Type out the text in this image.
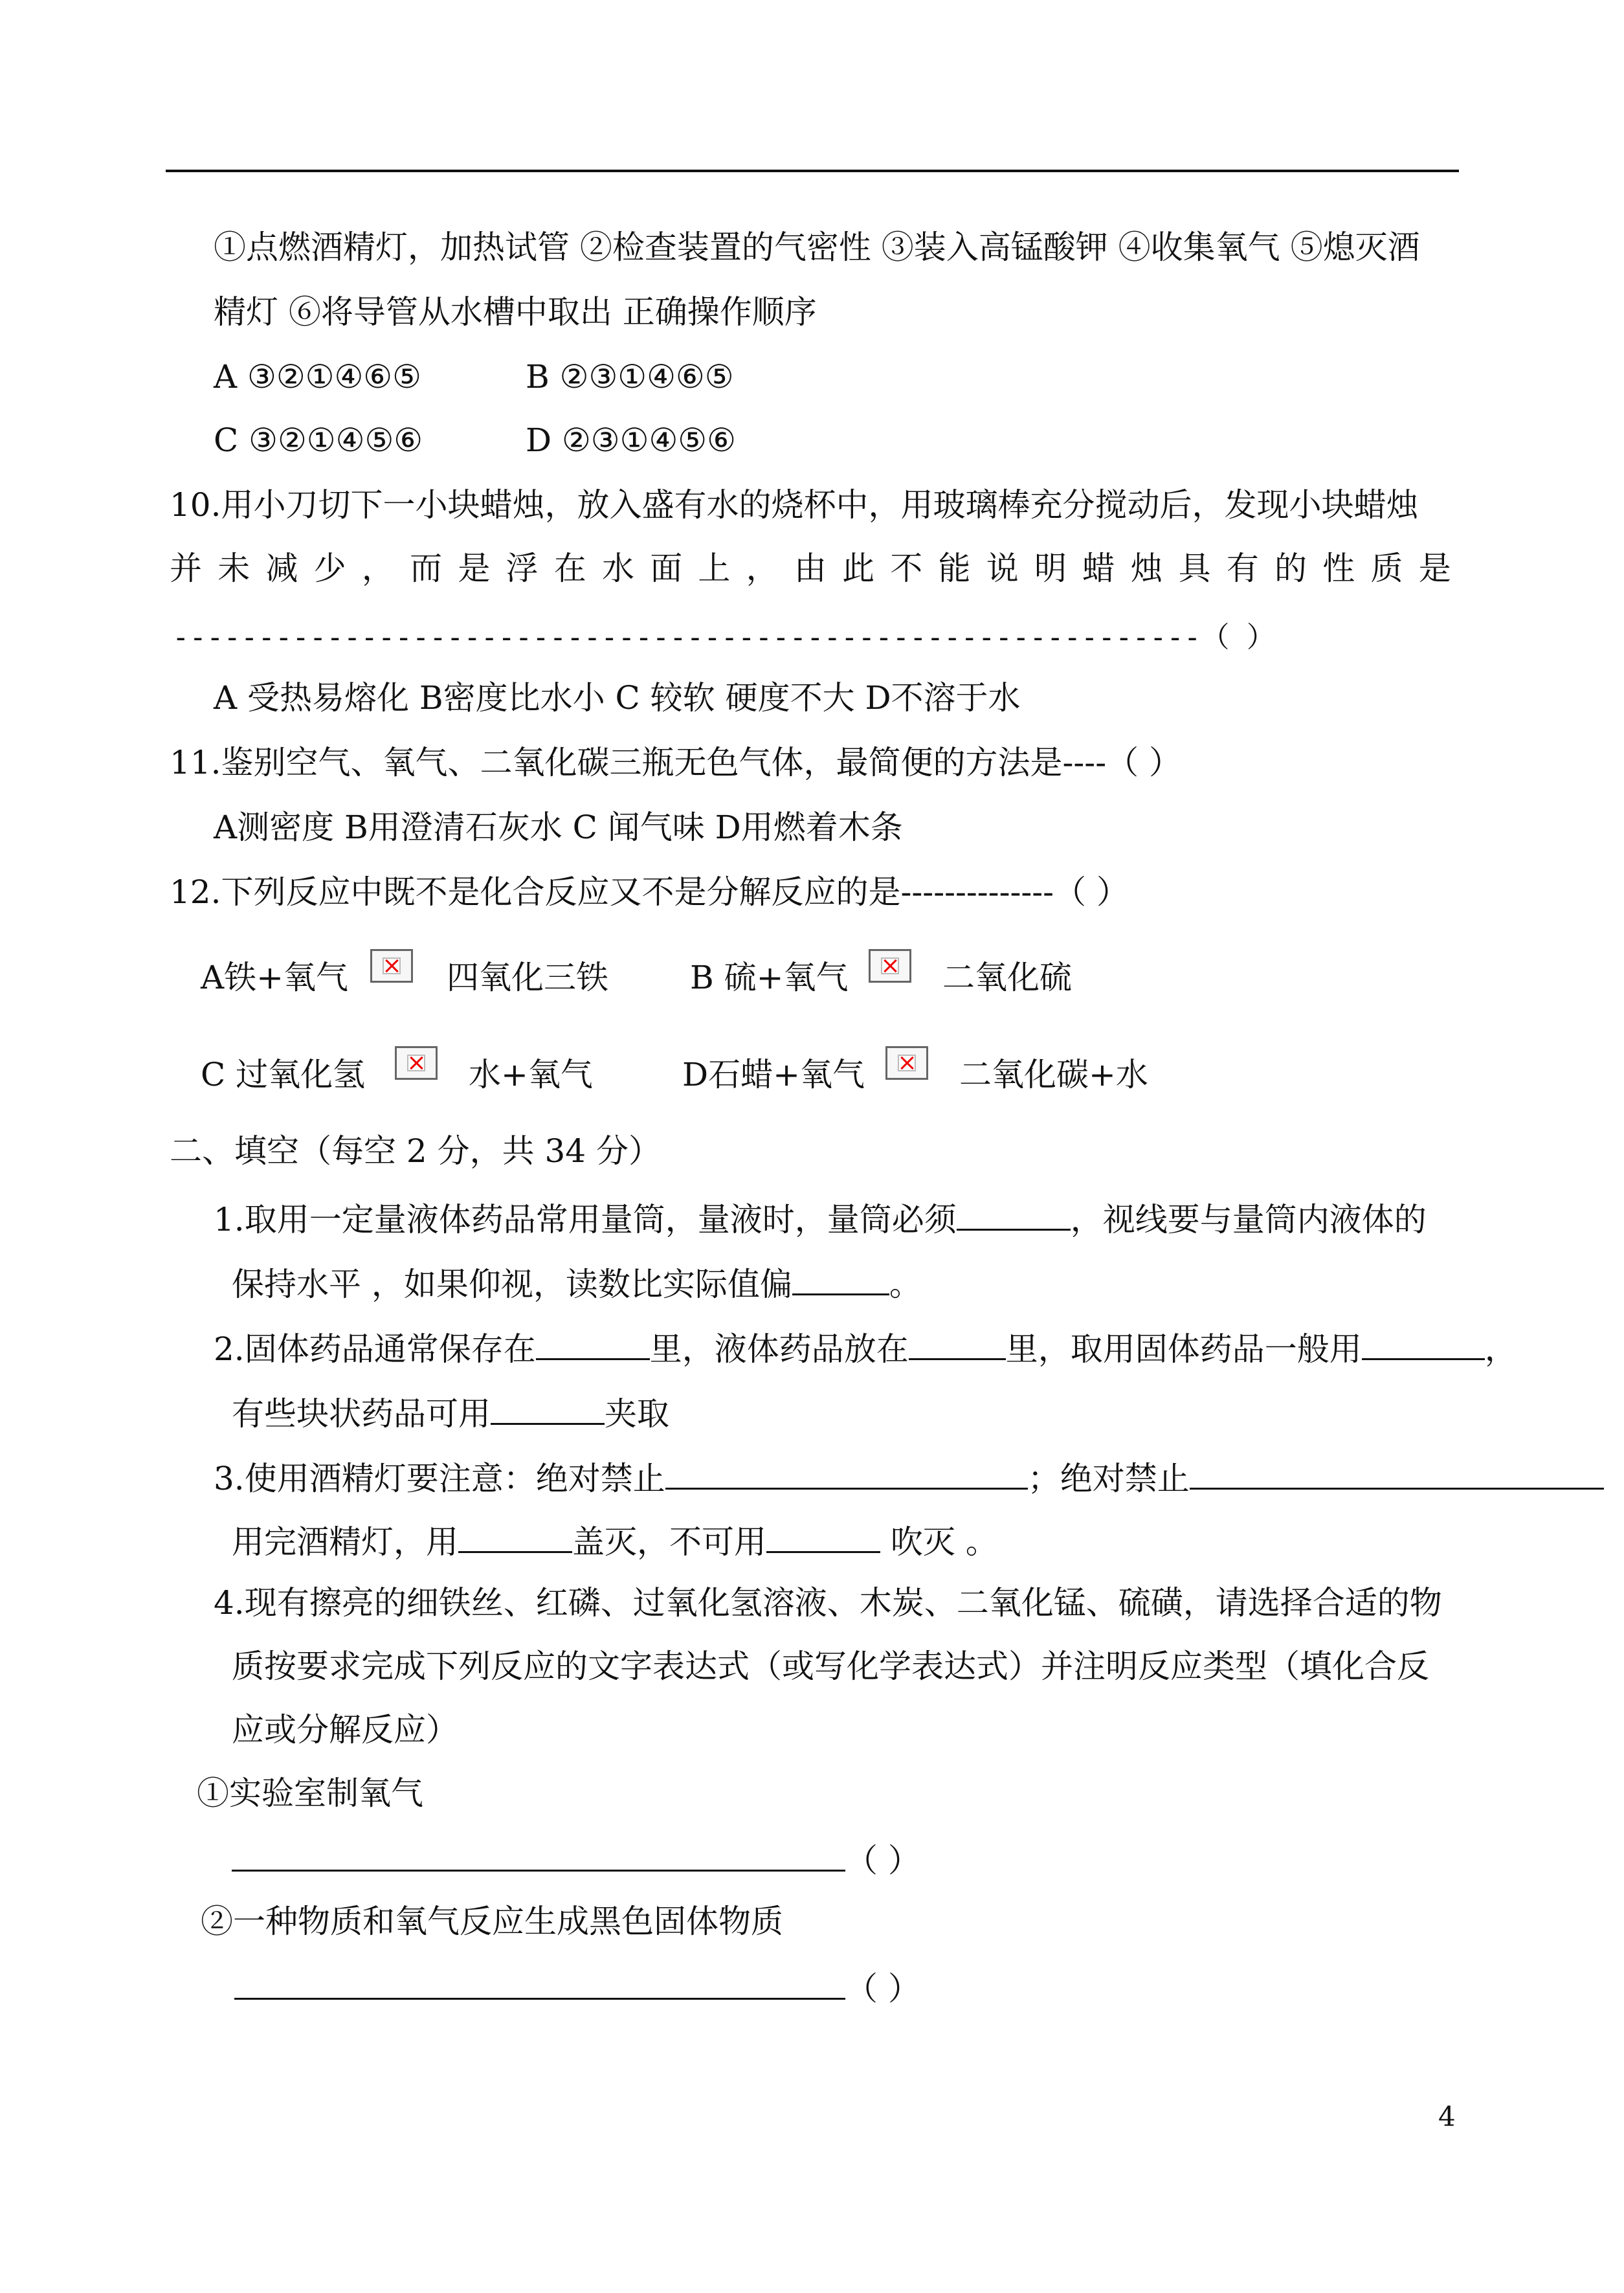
①点燃酒精灯，加热试管 ②检查装置的气密性 ③装入高锰酸钾 ④收集氧气 ⑤熄灭酒
精灯 ⑥将导管从水槽中取出 正确操作顺序
A ③②①④⑥⑤	B ②③①④⑥⑤
C ③②①④⑤⑥	D ②③①④⑤⑥
10.用小刀切下一小块蜡烛，放入盛有水的烧杯中，用玻璃棒充分搅动后，发现小块蜡烛
并 未 减 少 ， 而 是 浮 在 水 面 上 ， 由 此 不 能 说 明 蜡 烛 具 有 的 性 质 是
------------------------------------------------------------（ ）
A 受热易熔化 B密度比水小 C 较软 硬度不大 D不溶于水
11.鉴别空气、氧气、二氧化碳三瓶无色气体，最简便的方法是----（ ）
A测密度 B用澄清石灰水 C 闻气味 D用燃着木条
12.下列反应中既不是化合反应又不是分解反应的是--------------（ ）
A铁+氧气	四氧化三铁	B 硫+氧气	二氧化硫
C 过氧化氢	水+氧气	D石蜡+氧气	二氧化碳+水
二、填空（每空 2 分，共 34 分）
1.取用一定量液体药品常用量筒，量液时，量筒必须	，视线要与量筒内液体的
保持水平 ，如果仰视，读数比实际值偏	。
2.固体药品通常保存在	里，液体药品放在	里，取用固体药品一般用	，
有些块状药品可用	夹取
3.使用酒精灯要注意：绝对禁止	；绝对禁止
用完酒精灯，用	盖灭，不可用	吹灭 。
4.现有擦亮的细铁丝、红磷、过氧化氢溶液、木炭、二氧化锰、硫磺，请选择合适的物
质按要求完成下列反应的文字表达式（或写化学表达式）并注明反应类型（填化合反
应或分解反应）
①实验室制氧气
（ ）
②一种物质和氧气反应生成黑色固体物质
（ ）
4
